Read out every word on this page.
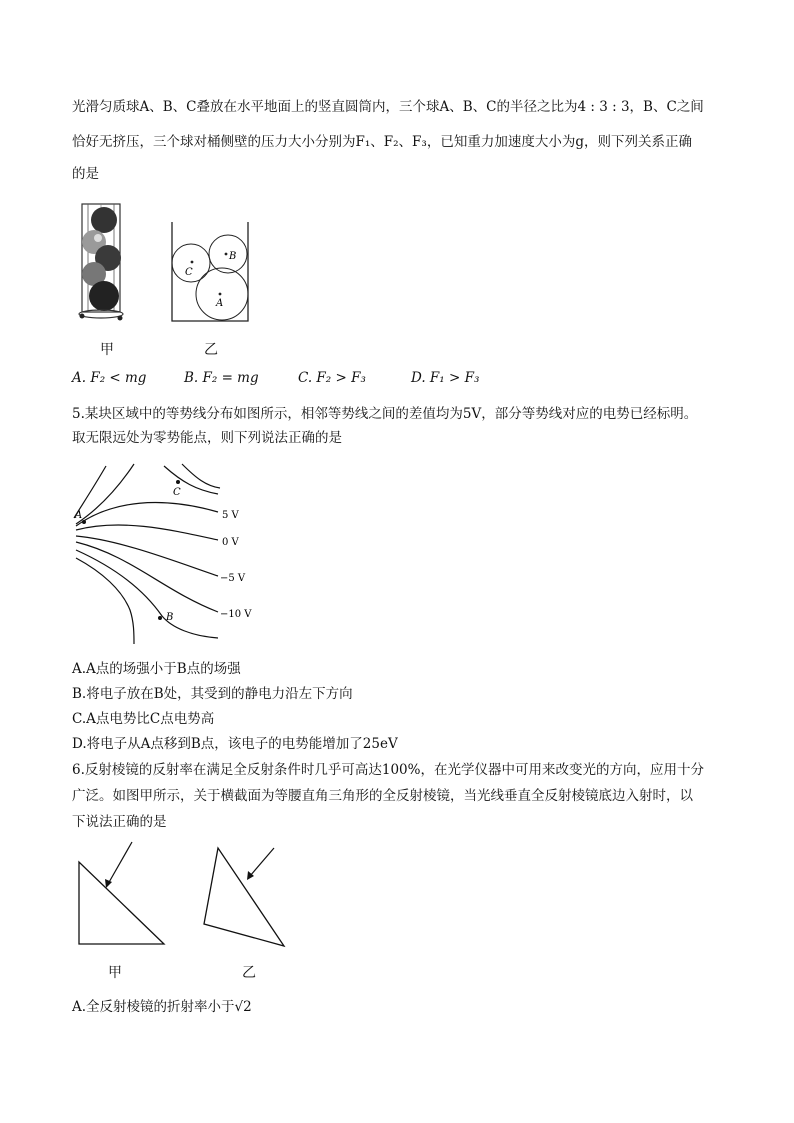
光滑匀质球A、B、C叠放在水平地面上的竖直圆筒内，三个球A、B、C的半径之比为4 : 3 : 3，B、C之间
恰好无挤压，三个球对桶侧壁的压力大小分别为F₁、F₂、F₃，已知重力加速度大小为g，则下列关系正确
的是
A
B
C
甲	乙
A. F₂ < mg	B. F₂ = mg	C. F₂ > F₃	D. F₁ > F₃
5.某块区域中的等势线分布如图所示，相邻等势线之间的差值均为5V，部分等势线对应的电势已经标明。
取无限远处为零势能点，则下列说法正确的是
A
C
B
5 V
0 V
−5 V
−10 V
A.A点的场强小于B点的场强
B.将电子放在B处，其受到的静电力沿左下方向
C.A点电势比C点电势高
D.将电子从A点移到B点，该电子的电势能增加了25eV
6.反射棱镜的反射率在满足全反射条件时几乎可高达100%，在光学仪器中可用来改变光的方向，应用十分
广泛。如图甲所示，关于横截面为等腰直角三角形的全反射棱镜，当光线垂直全反射棱镜底边入射时，以
下说法正确的是
甲	乙
A.全反射棱镜的折射率小于√2
